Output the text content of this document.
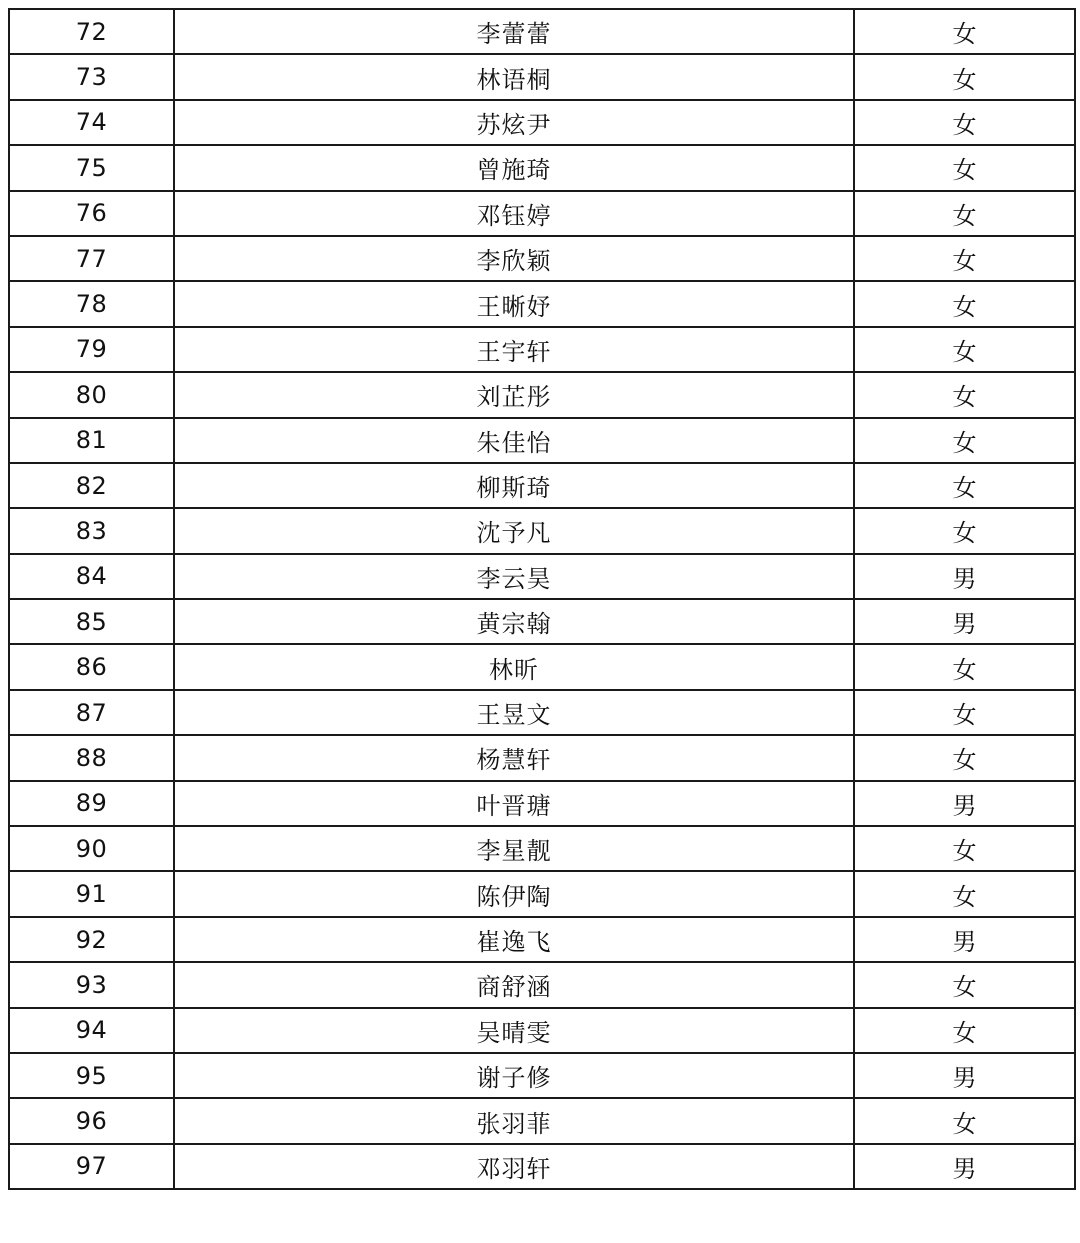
72	李蕾蕾	女
73	林语桐	女
74	苏炫尹	女
75	曾施琦	女
76	邓钰婷	女
77	李欣颖	女
78	王晰妤	女
79	王宇轩	女
80	刘芷彤	女
81	朱佳怡	女
82	柳斯琦	女
83	沈予凡	女
84	李云昊	男
85	黄宗翰	男
86	林昕	女
87	王昱文	女
88	杨慧轩	女
89	叶晋瑭	男
90	李星靓	女
91	陈伊陶	女
92	崔逸飞	男
93	商舒涵	女
94	吴晴雯	女
95	谢子修	男
96	张羽菲	女
97	邓羽轩	男
